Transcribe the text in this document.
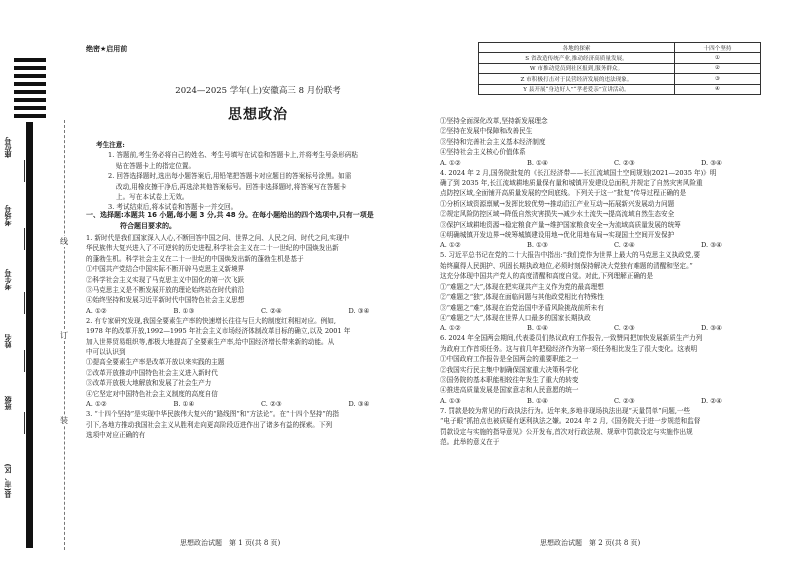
座位号
考场号
考生号
姓名
班级
县(市、区)
线
订
装
绝密★启用前
2024—2025 学年(上)安徽高三 8 月份联考
思想政治
考生注意:
1. 答题前,考生务必将自己的姓名、考生号填写在试卷和答题卡上,并将考生号条形码粘
贴在答题卡上的指定位置。
2. 回答选择题时,选出每小题答案后,用铅笔把答题卡对应题目的答案标号涂黑。如需
改动,用橡皮擦干净后,再选涂其他答案标号。回答非选择题时,将答案写在答题卡
上。写在本试卷上无效。
3. 考试结束后,将本试卷和答题卡一并交回。
一、选择题:本题共 16 小题,每小题 3 分,共 48 分。在每小题给出的四个选项中,只有一项是
符合题目要求的。
1. 新时代是我们国家深入人心,不断回答中国之问、世界之问、人民之问、时代之问,实现中
华民族伟大复兴进入了不可逆转的历史进程,科学社会主义在二十一世纪的中国焕发出新
的蓬勃生机。科学社会主义在二十一世纪的中国焕发出新的蓬勃生机是基于
①中国共产党结合中国实际不断开辟马克思主义新境界
②科学社会主义实现了马克思主义中国化的第一次飞跃
③马克思主义是不断发展开放的理论始终站在时代前沿
④始终坚持和发展习近平新时代中国特色社会主义思想
A. ①②	B. ①③	C. ②④	D. ③④
2. 有专家研究发现,我国全要素生产率的快速增长往往与巨大的制度红利相对应。例如,
1978 年的改革开放,1992—1995 年社会主义市场经济体制改革目标的确立,以及 2001 年
加入世界贸易组织等,都极大地提高了全要素生产率,给中国经济增长带来新的动能。从
中可以认识到
①提高全要素生产率是改革开放以来实践的主题
②改革开放推动中国特色社会主义进入新时代
③改革开放极大地解放和发展了社会生产力
④它坚定对中国特色社会主义制度的高度自信
A. ①②	B. ①④	C. ②③	D. ③④
3. “十四个坚持”是实现中华民族伟大复兴的“路线图”和“方法论”。在“十四个坚持”的指
引下,各地方推动我国社会主义从胜利走向更高阶段迈进作出了诸多有益的探索。下列
选项中对应正确的有
思想政治试题　第 1 页(共 8 页)
各地的探索	十四个坚持
S 省改造传统产业,推动经济高质量发展。	①
W 市推动党员到社区报到,服务群众。	②
Z 市积极打击对于民营经济发展的违法现象。	③
Y 县开展“身边好人”“孝老爱亲”宣讲活动。	④
①坚持全面深化改革,坚持新发展理念
②坚持在发展中保障和改善民生
③坚持和完善社会主义基本经济制度
④坚持社会主义核心价值体系
A. ①②	B. ①④	C. ②③	D. ③④
4. 2024 年 2 月,国务院批复的《长江经济带——长江流域国土空间规划(2021—2035 年)》明
确了到 2035 年,长江流域耕地质量保有量和城镇开发建设总面积,并规定了自然灾害风险重
点防控区域,全面铺开高质量发展的空间底线。下列关于这一“批复”传导过程正确的是
①分析区域资源禀赋→发挥比较优势→推动沿江产业互动→拓展新兴发展动力问题
②规定风险防控区域→降低自然灾害损失→减少水土流失→提高流域自然生态安全
③保护区域耕地资源→稳定粮食产量→维护国家粮食安全→为流域高质量发展的统筹
④明确城镇开发边界→统筹城镇建设用地→优化用地布局→实现国土空间开发保护
A. ①②	B. ①③	C. ②④	D. ③④
5. 习近平总书记在党的二十大报告中指出:“我们党作为世界上最大的马克思主义执政党,要
始终赢得人民拥护、巩固长期执政地位,必须时刻保持解决大党独有难题的清醒和坚定。”
这充分体现中国共产党人的高度清醒和高度自觉。对此,下列理解正确的是
①“难题之“大”,体现在把实现共产主义作为党的最高理想
②“难题之“独”,体现在面临问题与其他政党相比有特殊性
③“难题之“难”,体现在治党治国中矛盾风险挑战前所未有
④“难题之“大”,体现在世界人口最多的国家长期执政
A. ①②	B. ①④	C. ②③	D. ③④
6. 2024 年全国两会期间,代表委员们热议政府工作报告,一致赞同把加快发展新质生产力列
为政府工作首项任务。这与前几年把稳经济作为第一项任务相比发生了很大变化。这表明
①中国政府工作报告是全国两会的重要职能之一
②我国实行民主集中制确保国家重大决策科学化
③国务院的基本职能相较往年发生了重大的转变
④推进高质量发展是国家意志和人民意愿的统一
A. ①③	B. ①④	C. ②③	D. ②④
7. 罚款是较为常见的行政执法行为。近年来,多地非现场执法出现“天量罚单”问题,一些
“电子眼”抓拍点也被质疑有逐利执法之嫌。2024 年 2 月,《国务院关于进一步规范和监督
罚款设定与实施的指导意见》公开发布,首次对行政法规、规章中罚款设定与实施作出规
范。此举的意义在于
思想政治试题　第 2 页(共 8 页)
